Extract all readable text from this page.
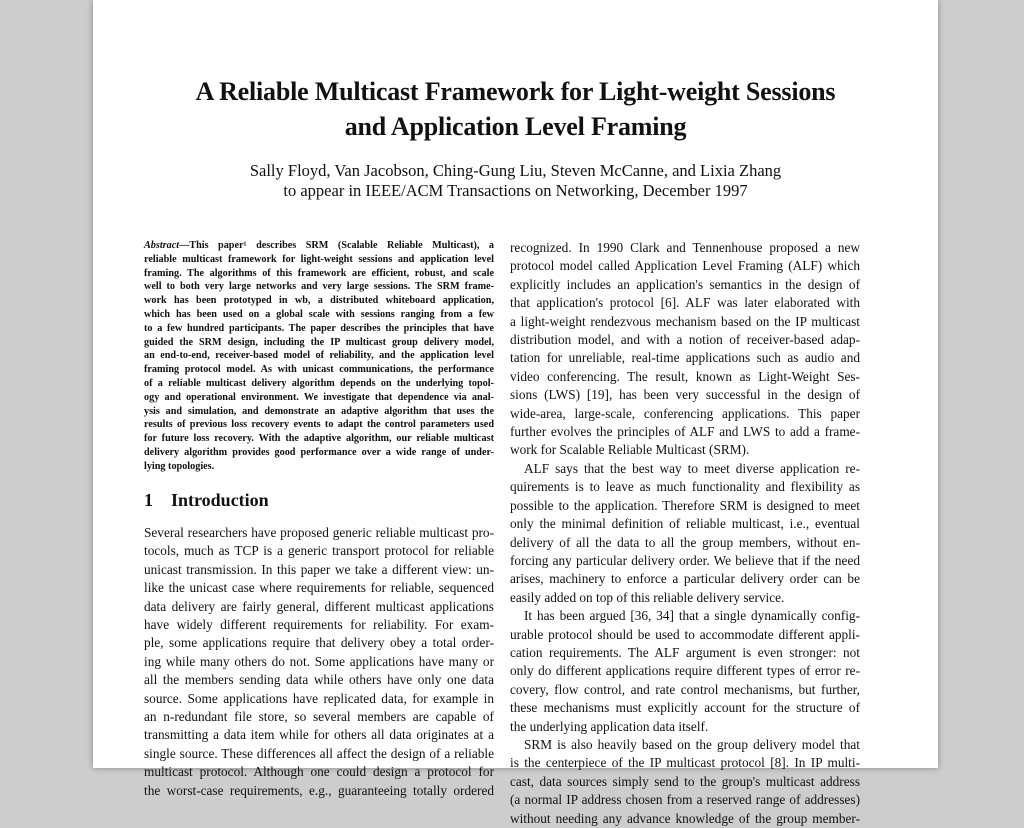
A Reliable Multicast Framework for Light-weight Sessions
and Application Level Framing
Sally Floyd, Van Jacobson, Ching-Gung Liu, Steven McCanne, and Lixia Zhang
to appear in IEEE/ACM Transactions on Networking, December 1997
Abstract—This paper¹ describes SRM (Scalable Reliable Multicast), a
reliable multicast framework for light-weight sessions and application level
framing. The algorithms of this framework are efficient, robust, and scale
well to both very large networks and very large sessions. The SRM frame-
work has been prototyped in wb, a distributed whiteboard application,
which has been used on a global scale with sessions ranging from a few
to a few hundred participants. The paper describes the principles that have
guided the SRM design, including the IP multicast group delivery model,
an end-to-end, receiver-based model of reliability, and the application level
framing protocol model. As with unicast communications, the performance
of a reliable multicast delivery algorithm depends on the underlying topol-
ogy and operational environment. We investigate that dependence via anal-
ysis and simulation, and demonstrate an adaptive algorithm that uses the
results of previous loss recovery events to adapt the control parameters used
for future loss recovery. With the adaptive algorithm, our reliable multicast
delivery algorithm provides good performance over a wide range of under-
lying topologies.
1 Introduction
Several researchers have proposed generic reliable multicast pro-
tocols, much as TCP is a generic transport protocol for reliable
unicast transmission. In this paper we take a different view: un-
like the unicast case where requirements for reliable, sequenced
data delivery are fairly general, different multicast applications
have widely different requirements for reliability. For exam-
ple, some applications require that delivery obey a total order-
ing while many others do not. Some applications have many or
all the members sending data while others have only one data
source. Some applications have replicated data, for example in
an n-redundant file store, so several members are capable of
transmitting a data item while for others all data originates at a
single source. These differences all affect the design of a reliable
multicast protocol. Although one could design a protocol for
the worst-case requirements, e.g., guaranteeing totally ordered
recognized. In 1990 Clark and Tennenhouse proposed a new
protocol model called Application Level Framing (ALF) which
explicitly includes an application's semantics in the design of
that application's protocol [6]. ALF was later elaborated with
a light-weight rendezvous mechanism based on the IP multicast
distribution model, and with a notion of receiver-based adap-
tation for unreliable, real-time applications such as audio and
video conferencing. The result, known as Light-Weight Ses-
sions (LWS) [19], has been very successful in the design of
wide-area, large-scale, conferencing applications. This paper
further evolves the principles of ALF and LWS to add a frame-
work for Scalable Reliable Multicast (SRM).
ALF says that the best way to meet diverse application re-
quirements is to leave as much functionality and flexibility as
possible to the application. Therefore SRM is designed to meet
only the minimal definition of reliable multicast, i.e., eventual
delivery of all the data to all the group members, without en-
forcing any particular delivery order. We believe that if the need
arises, machinery to enforce a particular delivery order can be
easily added on top of this reliable delivery service.
It has been argued [36, 34] that a single dynamically config-
urable protocol should be used to accommodate different appli-
cation requirements. The ALF argument is even stronger: not
only do different applications require different types of error re-
covery, flow control, and rate control mechanisms, but further,
these mechanisms must explicitly account for the structure of
the underlying application data itself.
SRM is also heavily based on the group delivery model that
is the centerpiece of the IP multicast protocol [8]. In IP multi-
cast, data sources simply send to the group's multicast address
(a normal IP address chosen from a reserved range of addresses)
without needing any advance knowledge of the group member-
